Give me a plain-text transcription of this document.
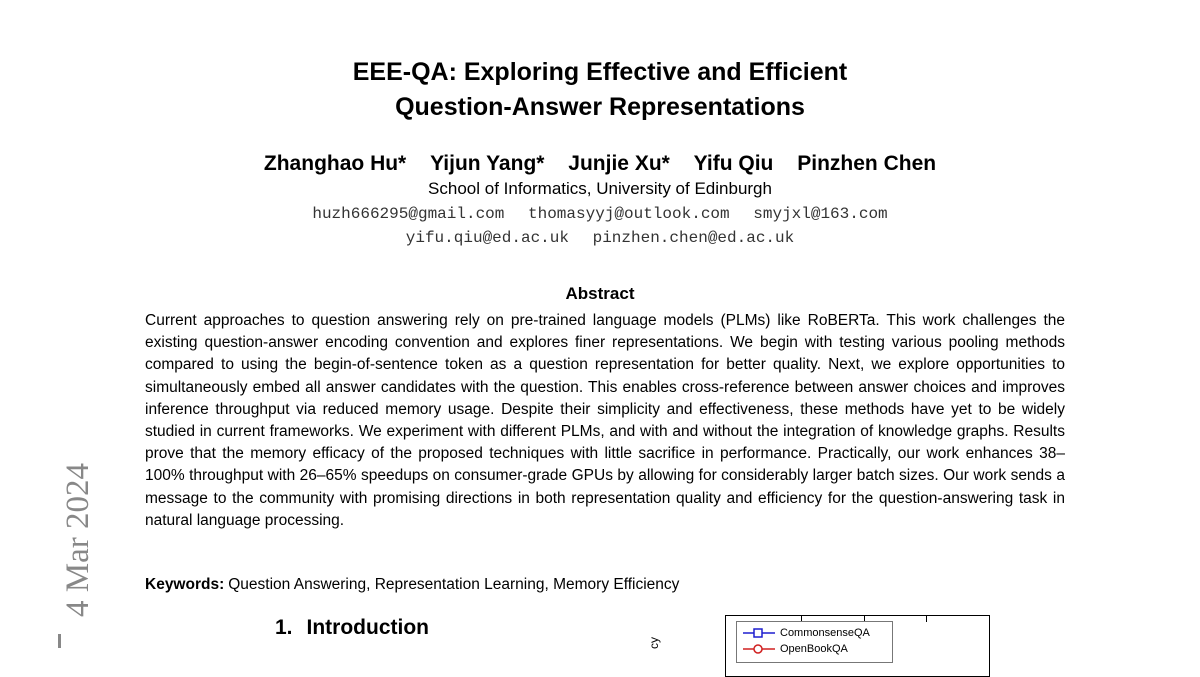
EEE-QA: Exploring Effective and Efficient
Question-Answer Representations
Zhanghao Hu* Yijun Yang* Junjie Xu* Yifu Qiu Pinzhen Chen
School of Informatics, University of Edinburgh
huzh666295@gmail.com thomasyyj@outlook.com smyjxl@163.com
yifu.qiu@ed.ac.uk pinzhen.chen@ed.ac.uk
Abstract

Current approaches to question answering rely on pre-trained language models (PLMs) like RoBERTa. This work challenges the existing question-answer encoding convention and explores finer representations. We begin with testing various pooling methods compared to using the begin-of-sentence token as a question representation for better quality. Next, we explore opportunities to simultaneously embed all answer candidates with the question. This enables cross-reference between answer choices and improves inference throughput via reduced memory usage. Despite their simplicity and effectiveness, these methods have yet to be widely studied in current frameworks. We experiment with different PLMs, and with and without the integration of knowledge graphs. Results prove that the memory efficacy of the proposed techniques with little sacrifice in performance. Practically, our work enhances 38–100% throughput with 26–65% speedups on consumer-grade GPUs by allowing for considerably larger batch sizes. Our work sends a message to the community with promising directions in both representation quality and efficiency for the question-answering task in natural language processing.

Keywords: Question Answering, Representation Learning, Memory Efficiency
1. Introduction
4 Mar 2024
cy
CommonsenseQA
OpenBookQA
